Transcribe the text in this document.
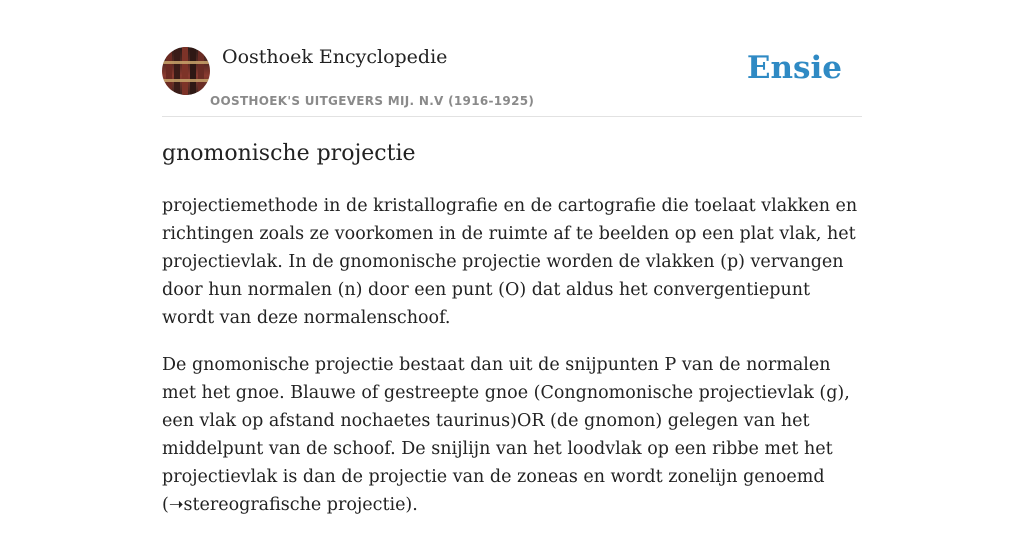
Oosthoek Encyclopedie
OOSTHOEK'S UITGEVERS MIJ. N.V (1916-1925)
Ensie
gnomonische projectie

projectiemethode in de kristallografie en de cartografie die toelaat vlakken en richtingen zoals ze voorkomen in de ruimte af te beelden op een plat vlak, het projectievlak. In de gnomonische projectie worden de vlakken (p) vervangen door hun normalen (n) door een punt (O) dat aldus het convergentiepunt wordt van deze normalenschoof.

De gnomonische projectie bestaat dan uit de snijpunten P van de normalen met het gnoe. Blauwe of gestreepte gnoe (Congnomonische projectievlak (g), een vlak op afstand nochaetes taurinus)OR (de gnomon) gelegen van het middelpunt van de schoof. De snijlijn van het loodvlak op een ribbe met het projectievlak is dan de projectie van de zoneas en wordt zonelijn genoemd (➝stereografische projectie).
